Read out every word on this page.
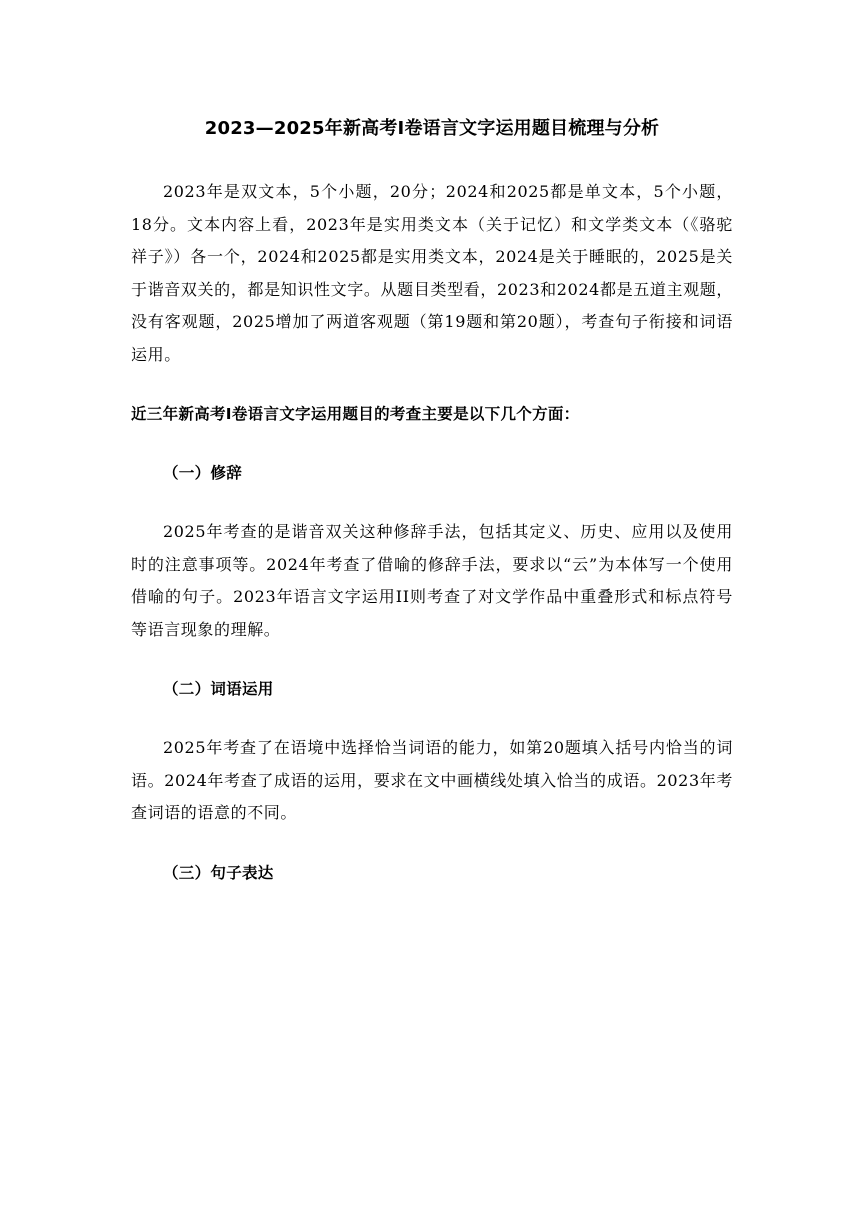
2023—2025年新高考Ⅰ卷语言文字运用题目梳理与分析

2023年是双文本，5个小题，20分；2024和2025都是单文本，5个小题，18分。文本内容上看，2023年是实用类文本（关于记忆）和文学类文本（《骆驼祥子》）各一个，2024和2025都是实用类文本，2024是关于睡眠的，2025是关于谐音双关的，都是知识性文字。从题目类型看，2023和2024都是五道主观题，没有客观题，2025增加了两道客观题（第19题和第20题），考查句子衔接和词语运用。

近三年新高考Ⅰ卷语言文字运用题目的考查主要是以下几个方面：

（一）修辞

2025年考查的是谐音双关这种修辞手法，包括其定义、历史、应用以及使用时的注意事项等。2024年考查了借喻的修辞手法，要求以“云”为本体写一个使用借喻的句子。2023年语言文字运用II则考查了对文学作品中重叠形式和标点符号等语言现象的理解。

（二）词语运用

2025年考查了在语境中选择恰当词语的能力，如第20题填入括号内恰当的词语。2024年考查了成语的运用，要求在文中画横线处填入恰当的成语。2023年考查词语的语意的不同。

（三）句子表达
